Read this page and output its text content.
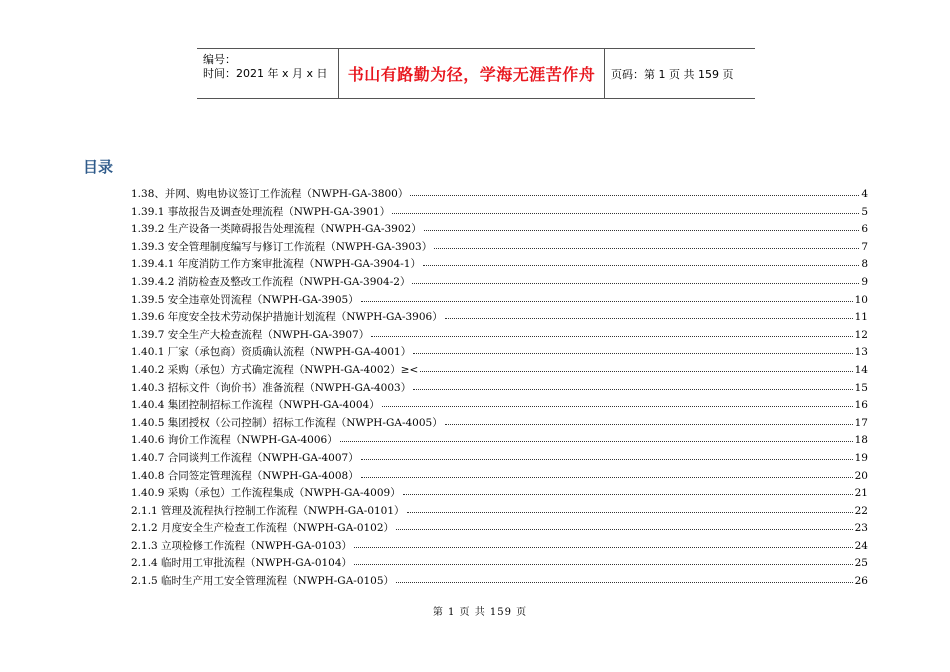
编号：
时间：2021 年 x 月 x 日	书山有路勤为径，学海无涯苦作舟	页码：第 1 页 共 159 页
目录
1.38、并网、购电协议签订工作流程（NWPH-GA-3800）	4
1.39.1 事故报告及调查处理流程（NWPH-GA-3901）	5
1.39.2 生产设备一类障碍报告处理流程（NWPH-GA-3902）	6
1.39.3 安全管理制度编写与修订工作流程（NWPH-GA-3903）	7
1.39.4.1 年度消防工作方案审批流程（NWPH-GA-3904-1）	8
1.39.4.2 消防检查及整改工作流程（NWPH-GA-3904-2）	9
1.39.5 安全违章处罚流程（NWPH-GA-3905）	10
1.39.6 年度安全技术劳动保护措施计划流程（NWPH-GA-3906）	11
1.39.7 安全生产大检查流程（NWPH-GA-3907）	12
1.40.1 厂家（承包商）资质确认流程（NWPH-GA-4001）	13
1.40.2 采购（承包）方式确定流程（NWPH-GA-4002）≥<	14
1.40.3 招标文件（询价书）准备流程（NWPH-GA-4003）	15
1.40.4 集团控制招标工作流程（NWPH-GA-4004）	16
1.40.5 集团授权（公司控制）招标工作流程（NWPH-GA-4005）	17
1.40.6 询价工作流程（NWPH-GA-4006）	18
1.40.7 合同谈判工作流程（NWPH-GA-4007）	19
1.40.8 合同签定管理流程（NWPH-GA-4008）	20
1.40.9 采购（承包）工作流程集成（NWPH-GA-4009）	21
2.1.1 管理及流程执行控制工作流程（NWPH-GA-0101）	22
2.1.2 月度安全生产检查工作流程（NWPH-GA-0102）	23
2.1.3 立项检修工作流程（NWPH-GA-0103）	24
2.1.4 临时用工审批流程（NWPH-GA-0104）	25
2.1.5 临时生产用工安全管理流程（NWPH-GA-0105）	26
第 1 页 共 159 页
